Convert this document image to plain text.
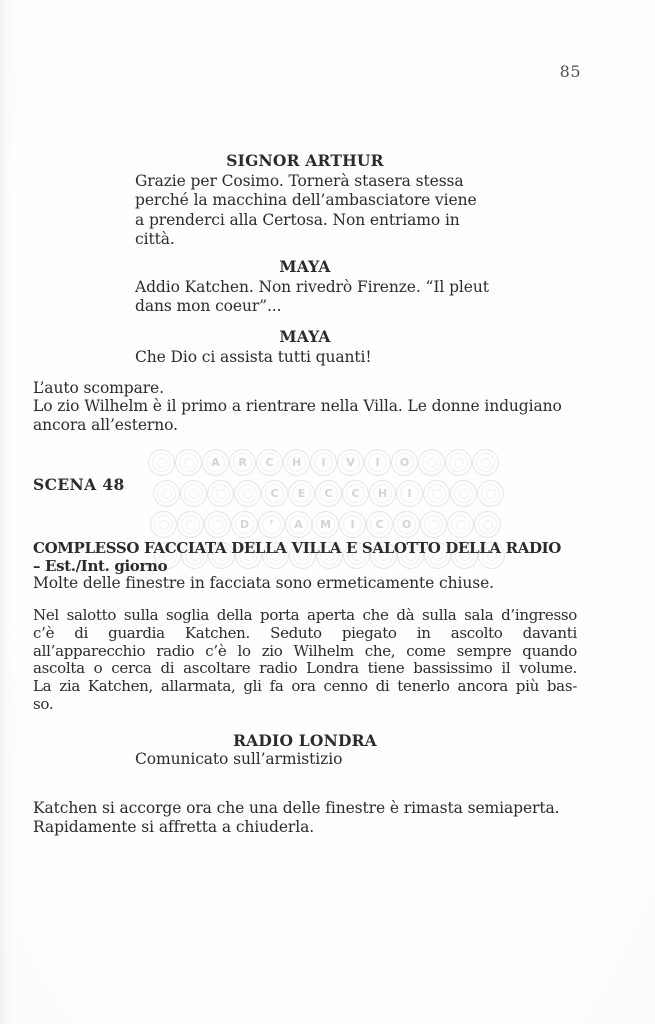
85
A R C H I V I O
C E C C H I
D ’ A M I C O
SIGNOR ARTHUR
Grazie per Cosimo. Tornerà stasera stessa
perché la macchina dell’ambasciatore viene
a prenderci alla Certosa. Non entriamo in
città.
MAYA
Addio Katchen. Non rivedrò Firenze. “Il pleut
dans mon coeur”...
MAYA
Che Dio ci assista tutti quanti!
L’auto scompare.
Lo zio Wilhelm è il primo a rientrare nella Villa. Le donne indugiano
ancora all’esterno.
SCENA 48
COMPLESSO FACCIATA DELLA VILLA E SALOTTO DELLA RADIO
– Est./Int. giorno
Molte delle finestre in facciata sono ermeticamente chiuse.
Nel salotto sulla soglia della porta aperta che dà sulla sala d’ingresso
c’è di guardia Katchen. Seduto piegato in ascolto davanti
all’apparecchio radio c’è lo zio Wilhelm che, come sempre quando
ascolta o cerca di ascoltare radio Londra tiene bassissimo il volume.
La zia Katchen, allarmata, gli fa ora cenno di tenerlo ancora più bas-
so.
RADIO LONDRA
Comunicato sull’armistizio
Katchen si accorge ora che una delle finestre è rimasta semiaperta.
Rapidamente si affretta a chiuderla.
